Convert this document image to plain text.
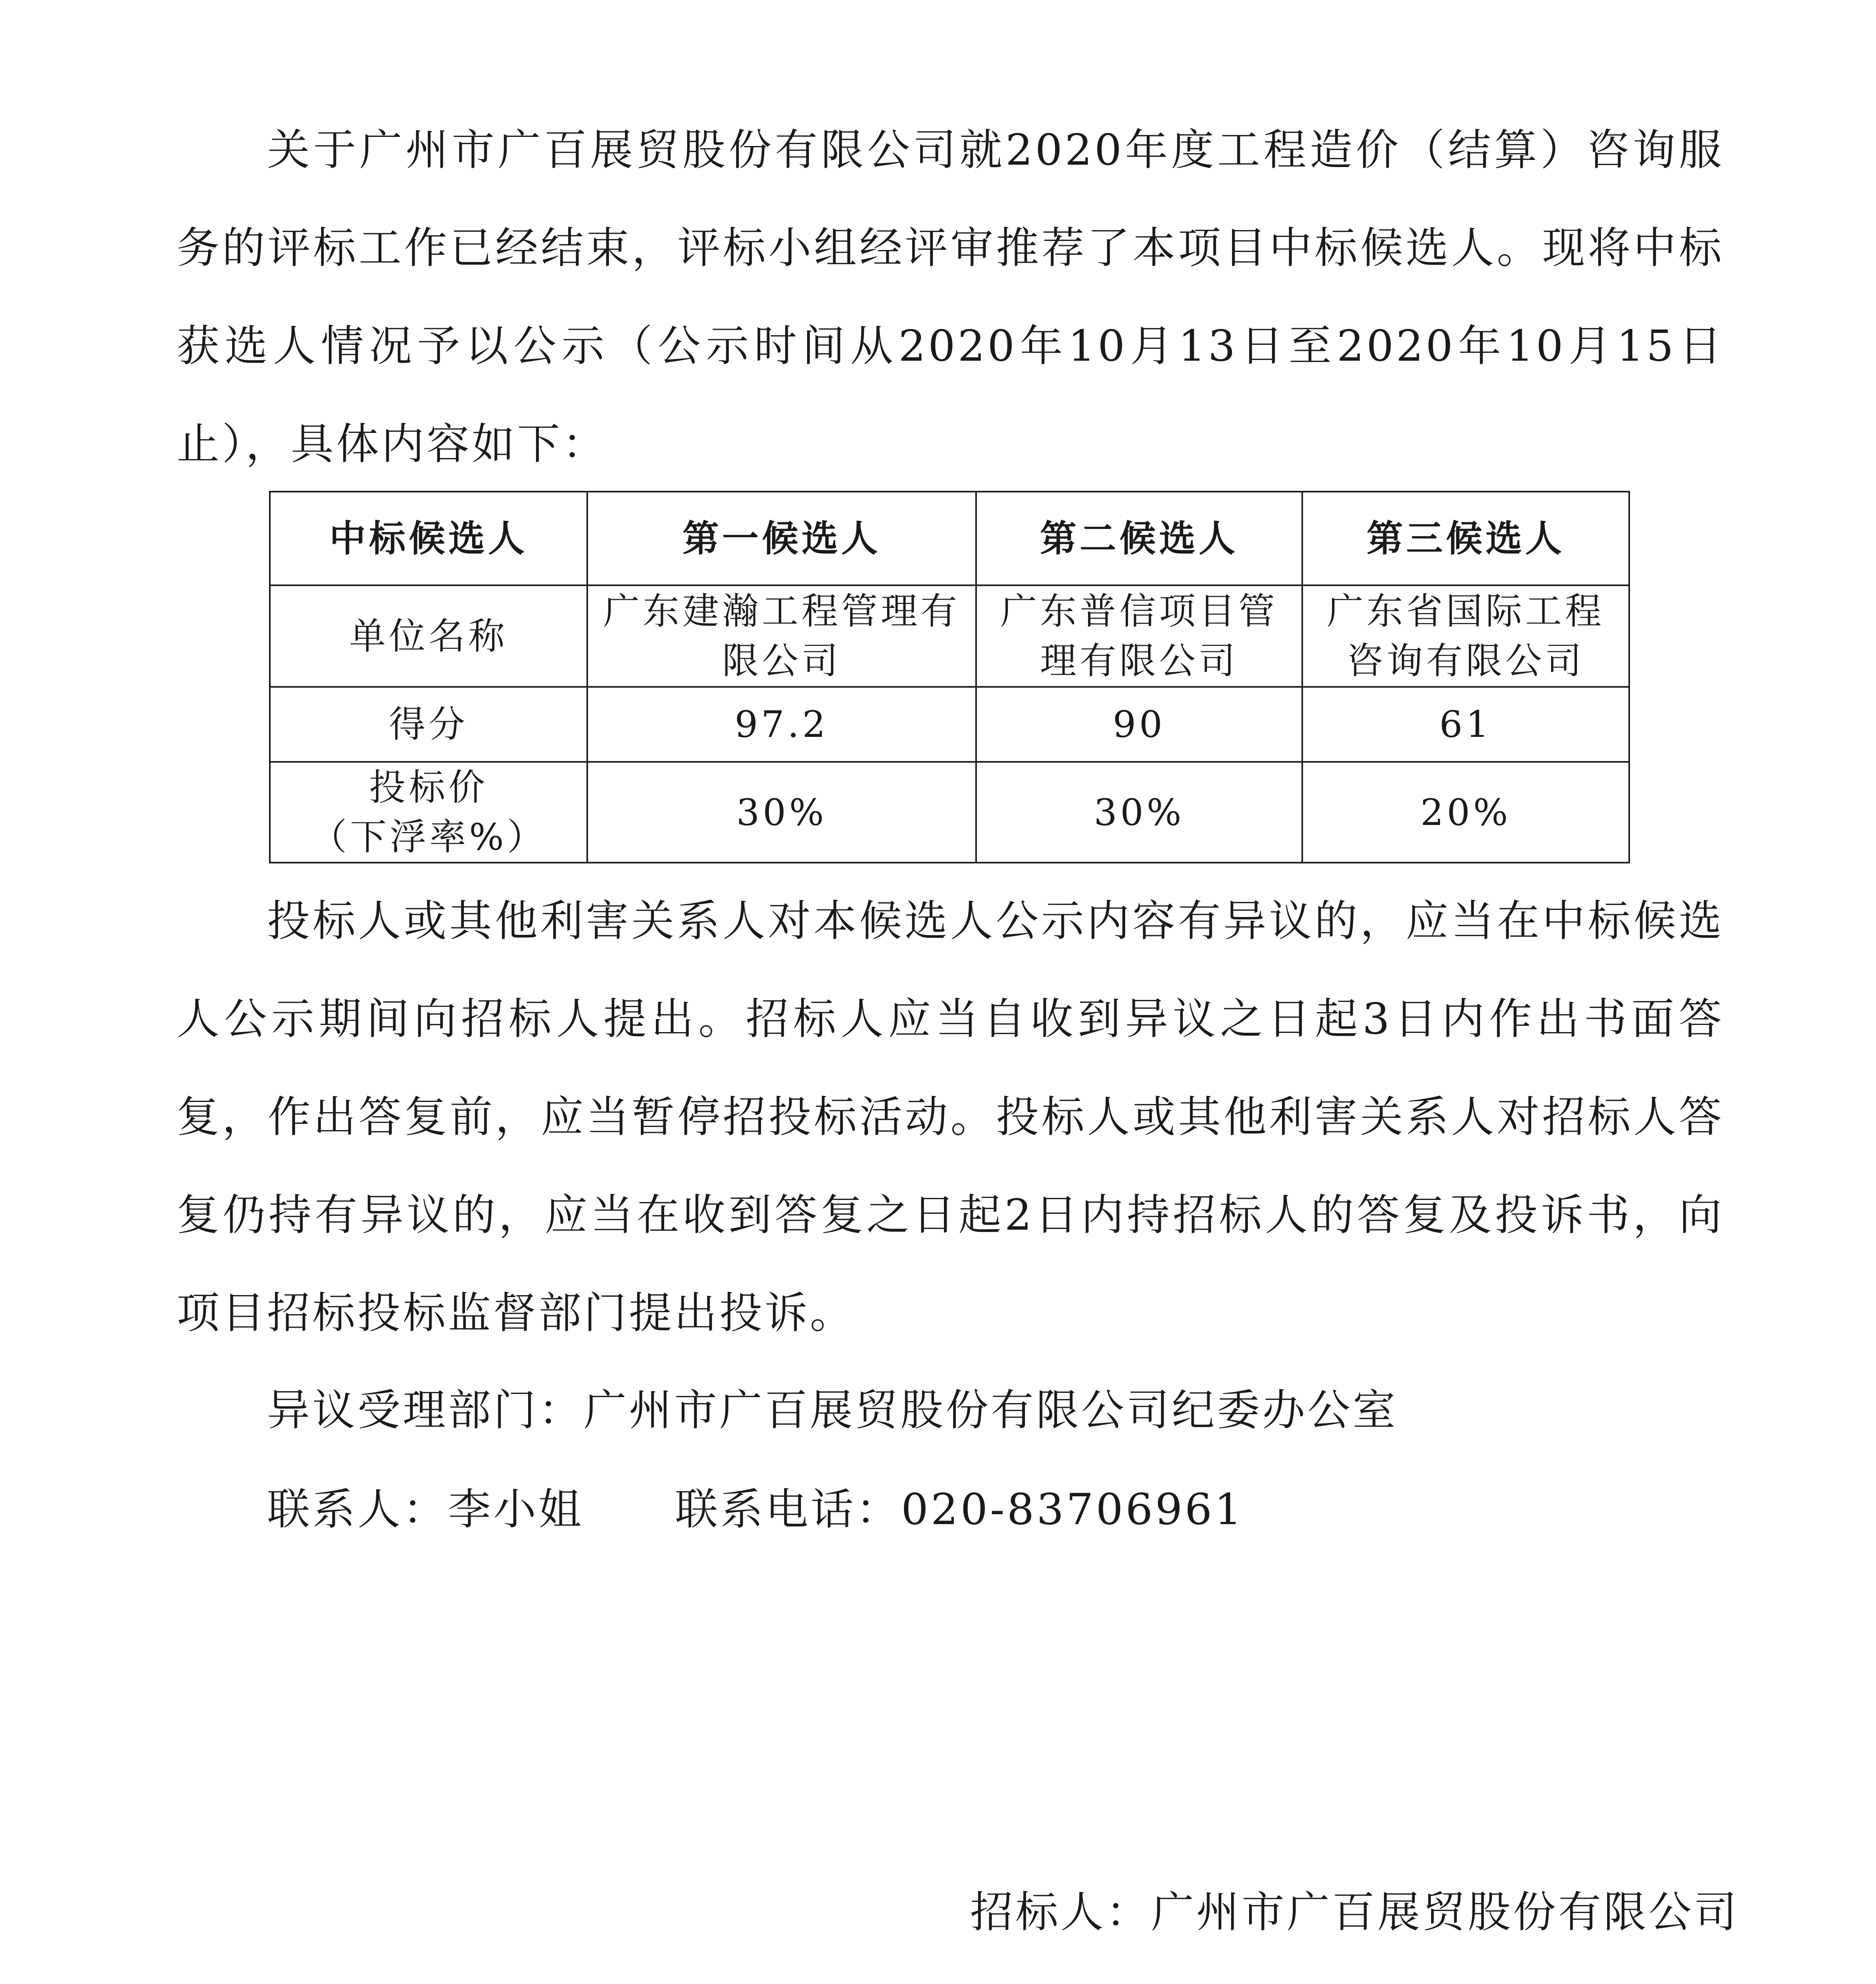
关于广州市广百展贸股份有限公司就2020年度工程造价（结算）咨询服务的评标工作已经结束，评标小组经评审推荐了本项目中标候选人。现将中标获选人情况予以公示（公示时间从2020年10月13日至2020年10月15日止），具体内容如下：

中标候选人	第一候选人	第二候选人	第三候选人
单位名称	广东建瀚工程管理有限公司	广东普信项目管理有限公司	广东省国际工程咨询有限公司
得分	97.2	90	61

投标价
（下浮率%）	30%	30%	20%

投标人或其他利害关系人对本候选人公示内容有异议的，应当在中标候选人公示期间向招标人提出。招标人应当自收到异议之日起3日内作出书面答复，作出答复前，应当暂停招投标活动。投标人或其他利害关系人对招标人答复仍持有异议的，应当在收到答复之日起2日内持招标人的答复及投诉书，向项目招标投标监督部门提出投诉。

异议受理部门：广州市广百展贸股份有限公司纪委办公室

联系人：李小姐 联系电话：020-83706961

招标人：广州市广百展贸股份有限公司
